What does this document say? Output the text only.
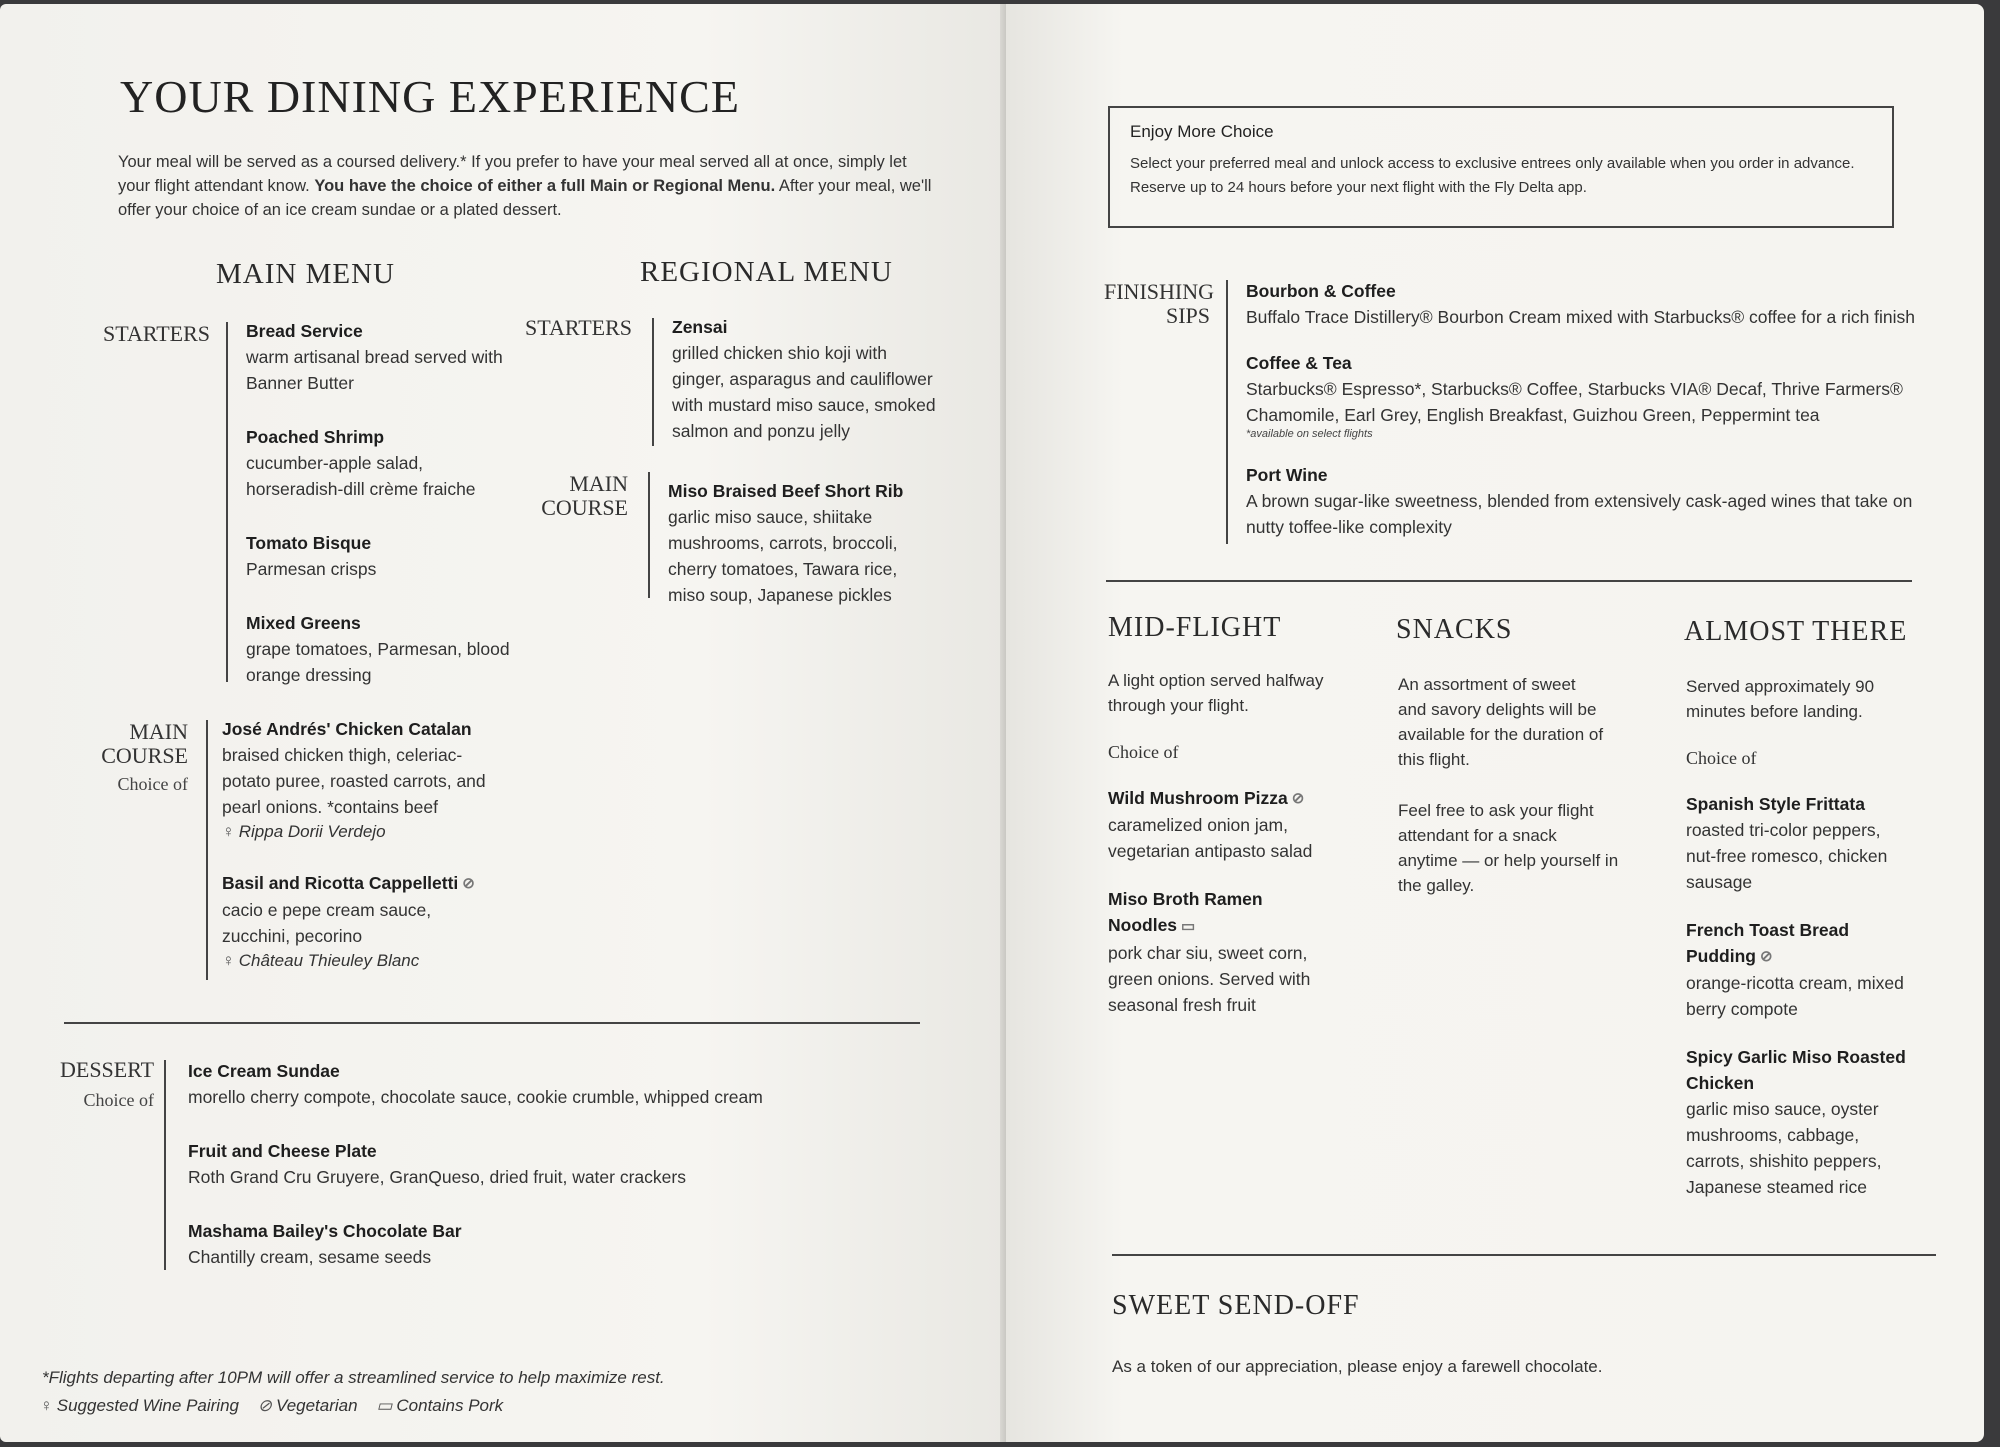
YOUR DINING EXPERIENCE
Your meal will be served as a coursed delivery.* If you prefer to have your meal served all at once, simply let your flight attendant know. You have the choice of either a full Main or Regional Menu. After your meal, we'll offer your choice of an ice cream sundae or a plated dessert.
MAIN MENU
STARTERS Bread Service
warm artisanal bread served with
Banner Butter
Poached Shrimp
cucumber-apple salad,
horseradish-dill crème fraiche
Tomato Bisque
Parmesan crisps
Mixed Greens
grape tomatoes, Parmesan, blood
orange dressing
MAIN
COURSE
Choice of
José Andrés' Chicken Catalan
braised chicken thigh, celeriac-
potato puree, roasted carrots, and
pearl onions. *contains beef
♀ Rippa Dorii Verdejo
Basil and Ricotta Cappelletti ⊘
cacio e pepe cream sauce,
zucchini, pecorino
♀ Château Thieuley Blanc
REGIONAL MENU
STARTERS Zensai
grilled chicken shio koji with
ginger, asparagus and cauliflower
with mustard miso sauce, smoked
salmon and ponzu jelly
MAIN
COURSE
Miso Braised Beef Short Rib
garlic miso sauce, shiitake
mushrooms, carrots, broccoli,
cherry tomatoes, Tawara rice,
miso soup, Japanese pickles
DESSERT
Choice of
Ice Cream Sundae
morello cherry compote, chocolate sauce, cookie crumble, whipped cream
Fruit and Cheese Plate
Roth Grand Cru Gruyere, GranQueso, dried fruit, water crackers
Mashama Bailey's Chocolate Bar
Chantilly cream, sesame seeds
*Flights departing after 10PM will offer a streamlined service to help maximize rest.
♀ Suggested Wine Pairing ⊘ Vegetarian ▭ Contains Pork
Enjoy More Choice
Select your preferred meal and unlock access to exclusive entrees only available when you order in advance.
Reserve up to 24 hours before your next flight with the Fly Delta app.
FINISHING
SIPS
Bourbon & Coffee
Buffalo Trace Distillery® Bourbon Cream mixed with Starbucks® coffee for a rich finish
Coffee & Tea
Starbucks® Espresso*, Starbucks® Coffee, Starbucks VIA® Decaf, Thrive Farmers®
Chamomile, Earl Grey, English Breakfast, Guizhou Green, Peppermint tea
*available on select flights
Port Wine
A brown sugar-like sweetness, blended from extensively cask-aged wines that take on
nutty toffee-like complexity
MID-FLIGHT
A light option served halfway
through your flight.
Choice of
Wild Mushroom Pizza ⊘
caramelized onion jam,
vegetarian antipasto salad
Miso Broth Ramen
Noodles ▭
pork char siu, sweet corn,
green onions. Served with
seasonal fresh fruit
SNACKS
An assortment of sweet
and savory delights will be
available for the duration of
this flight.
Feel free to ask your flight
attendant for a snack
anytime — or help yourself in
the galley.
ALMOST THERE
Served approximately 90
minutes before landing.
Choice of
Spanish Style Frittata
roasted tri-color peppers,
nut-free romesco, chicken
sausage
French Toast Bread
Pudding ⊘
orange-ricotta cream, mixed
berry compote
Spicy Garlic Miso Roasted
Chicken
garlic miso sauce, oyster
mushrooms, cabbage,
carrots, shishito peppers,
Japanese steamed rice
SWEET SEND-OFF
As a token of our appreciation, please enjoy a farewell chocolate.
